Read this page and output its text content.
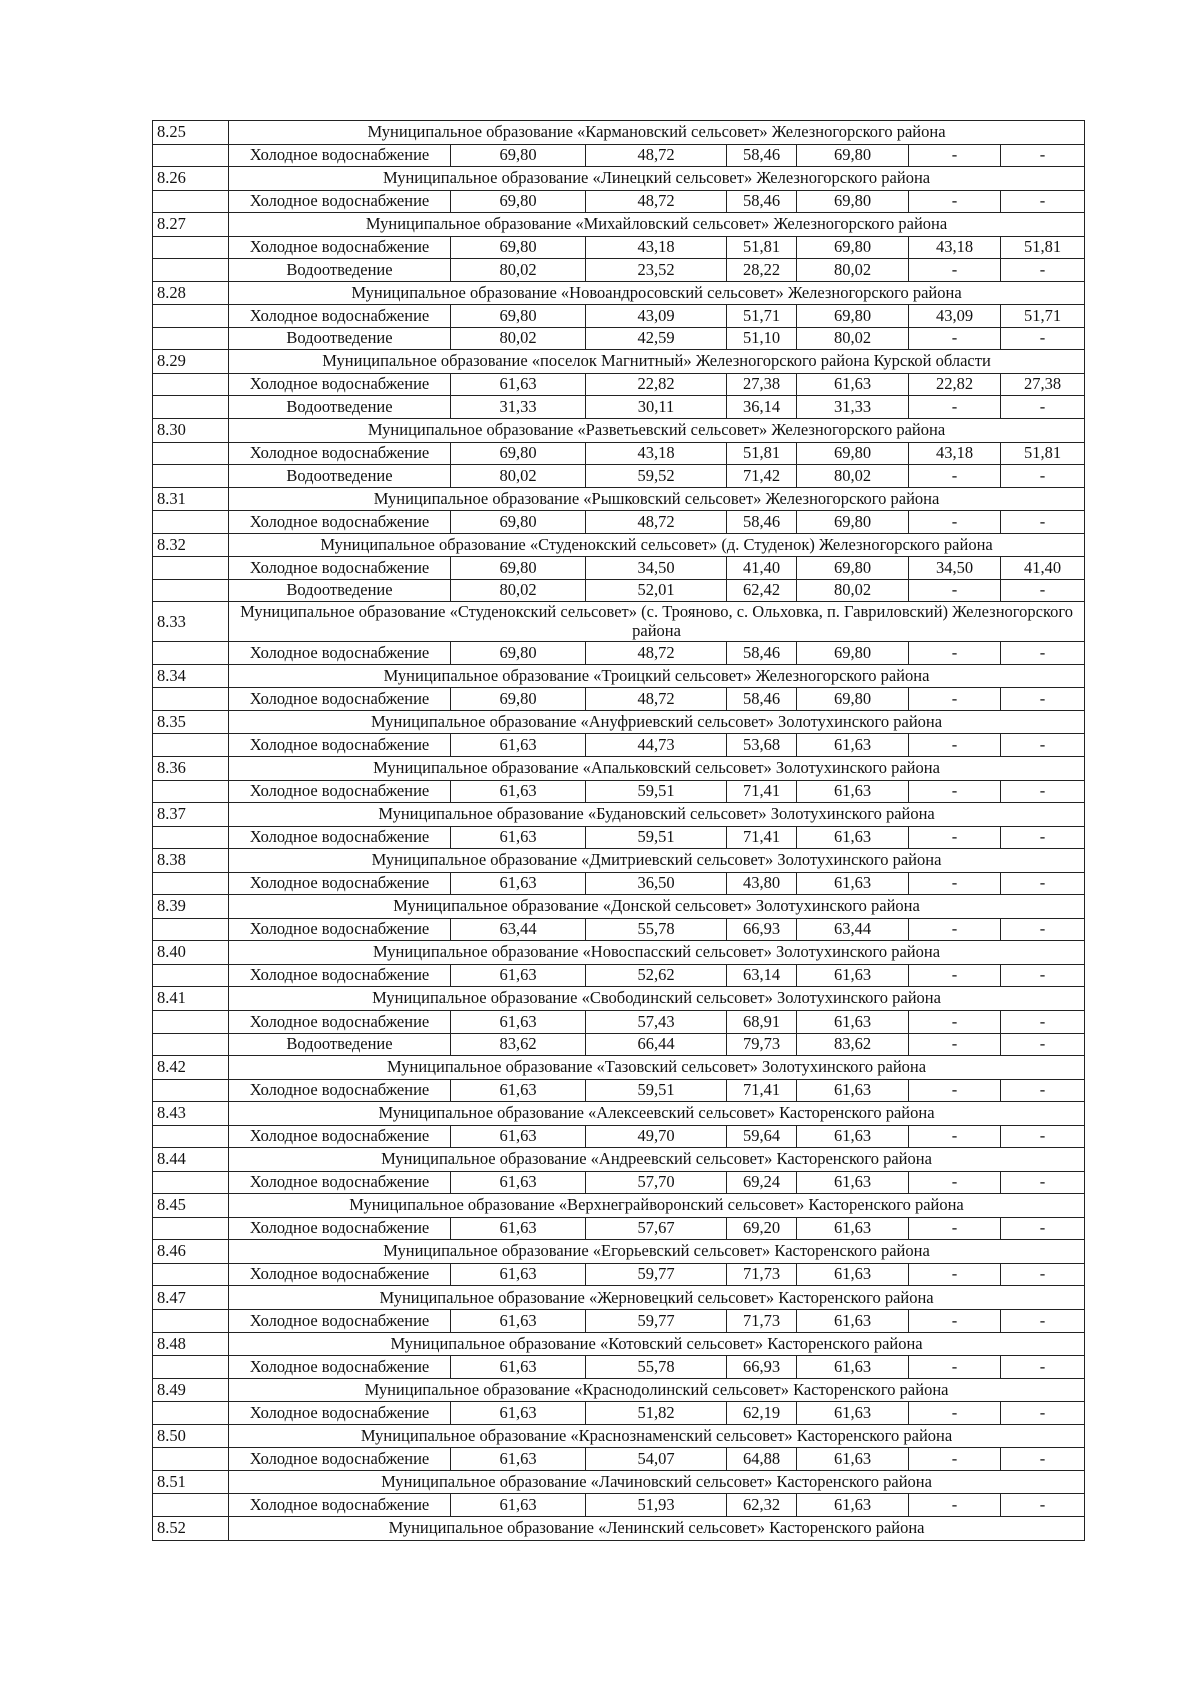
8.25	Муниципальное образование «Кармановский сельсовет» Железногорского района						
	Холодное водоснабжение	69,80	48,72	58,46	69,80	-	-
8.26	Муниципальное образование «Линецкий сельсовет» Железногорского района						
	Холодное водоснабжение	69,80	48,72	58,46	69,80	-	-
8.27	Муниципальное образование «Михайловский сельсовет» Железногорского района						
	Холодное водоснабжение	69,80	43,18	51,81	69,80	43,18	51,81
	Водоотведение	80,02	23,52	28,22	80,02	-	-
8.28	Муниципальное образование «Новоандросовский сельсовет» Железногорского района						
	Холодное водоснабжение	69,80	43,09	51,71	69,80	43,09	51,71
	Водоотведение	80,02	42,59	51,10	80,02	-	-
8.29	Муниципальное образование «поселок Магнитный» Железногорского района Курской области						
	Холодное водоснабжение	61,63	22,82	27,38	61,63	22,82	27,38
	Водоотведение	31,33	30,11	36,14	31,33	-	-
8.30	Муниципальное образование «Разветьевский сельсовет» Железногорского района						
	Холодное водоснабжение	69,80	43,18	51,81	69,80	43,18	51,81
	Водоотведение	80,02	59,52	71,42	80,02	-	-
8.31	Муниципальное образование «Рышковский сельсовет» Железногорского района						
	Холодное водоснабжение	69,80	48,72	58,46	69,80	-	-
8.32	Муниципальное образование «Студенокский сельсовет» (д. Студенок) Железногорского района						
	Холодное водоснабжение	69,80	34,50	41,40	69,80	34,50	41,40
	Водоотведение	80,02	52,01	62,42	80,02	-	-
8.33	Муниципальное образование «Студенокский сельсовет» (с. Трояново, с. Ольховка, п. Гавриловский) Железногорского района						
	Холодное водоснабжение	69,80	48,72	58,46	69,80	-	-
8.34	Муниципальное образование «Троицкий сельсовет» Железногорского района						
	Холодное водоснабжение	69,80	48,72	58,46	69,80	-	-
8.35	Муниципальное образование «Ануфриевский сельсовет» Золотухинского района						
	Холодное водоснабжение	61,63	44,73	53,68	61,63	-	-
8.36	Муниципальное образование «Апальковский сельсовет» Золотухинского района						
	Холодное водоснабжение	61,63	59,51	71,41	61,63	-	-
8.37	Муниципальное образование «Будановский сельсовет» Золотухинского района						
	Холодное водоснабжение	61,63	59,51	71,41	61,63	-	-
8.38	Муниципальное образование «Дмитриевский сельсовет» Золотухинского района						
	Холодное водоснабжение	61,63	36,50	43,80	61,63	-	-
8.39	Муниципальное образование «Донской сельсовет» Золотухинского района						
	Холодное водоснабжение	63,44	55,78	66,93	63,44	-	-
8.40	Муниципальное образование «Новоспасский сельсовет» Золотухинского района						
	Холодное водоснабжение	61,63	52,62	63,14	61,63	-	-
8.41	Муниципальное образование «Свободинский сельсовет» Золотухинского района						
	Холодное водоснабжение	61,63	57,43	68,91	61,63	-	-
	Водоотведение	83,62	66,44	79,73	83,62	-	-
8.42	Муниципальное образование «Тазовский сельсовет» Золотухинского района						
	Холодное водоснабжение	61,63	59,51	71,41	61,63	-	-
8.43	Муниципальное образование «Алексеевский сельсовет» Касторенского района						
	Холодное водоснабжение	61,63	49,70	59,64	61,63	-	-
8.44	Муниципальное образование «Андреевский сельсовет» Касторенского района						
	Холодное водоснабжение	61,63	57,70	69,24	61,63	-	-
8.45	Муниципальное образование «Верхнеграйворонский сельсовет» Касторенского района						
	Холодное водоснабжение	61,63	57,67	69,20	61,63	-	-
8.46	Муниципальное образование «Егорьевский сельсовет» Касторенского района						
	Холодное водоснабжение	61,63	59,77	71,73	61,63	-	-
8.47	Муниципальное образование «Жерновецкий сельсовет» Касторенского района						
	Холодное водоснабжение	61,63	59,77	71,73	61,63	-	-
8.48	Муниципальное образование «Котовский сельсовет» Касторенского района						
	Холодное водоснабжение	61,63	55,78	66,93	61,63	-	-
8.49	Муниципальное образование «Краснодолинский сельсовет» Касторенского района						
	Холодное водоснабжение	61,63	51,82	62,19	61,63	-	-
8.50	Муниципальное образование «Краснознаменский сельсовет» Касторенского района						
	Холодное водоснабжение	61,63	54,07	64,88	61,63	-	-
8.51	Муниципальное образование «Лачиновский сельсовет» Касторенского района						
	Холодное водоснабжение	61,63	51,93	62,32	61,63	-	-
8.52	Муниципальное образование «Ленинский сельсовет» Касторенского района						
